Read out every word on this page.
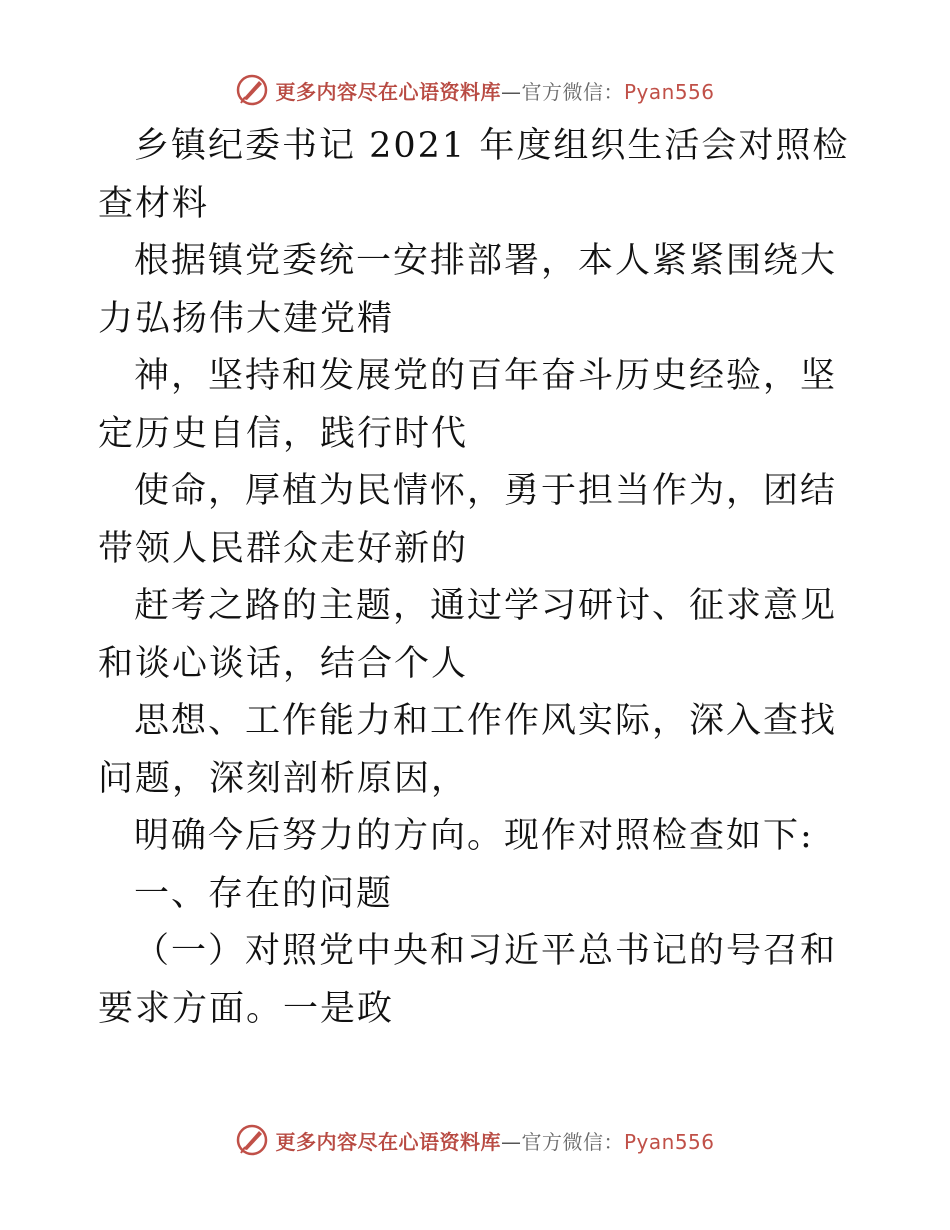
更多内容尽在心语资料库—官方微信：Pyan556

乡镇纪委书记 2021 年度组织生活会对照检查材料

根据镇党委统一安排部署，本人紧紧围绕大力弘扬伟大建党精

神，坚持和发展党的百年奋斗历史经验，坚定历史自信，践行时代

使命，厚植为民情怀，勇于担当作为，团结带领人民群众走好新的

赶考之路的主题，通过学习研讨、征求意见和谈心谈话，结合个人

思想、工作能力和工作作风实际，深入查找问题，深刻剖析原因，

明确今后努力的方向。现作对照检查如下:

一、存在的问题

（一）对照党中央和习近平总书记的号召和要求方面。一是政

更多内容尽在心语资料库—官方微信：Pyan556
